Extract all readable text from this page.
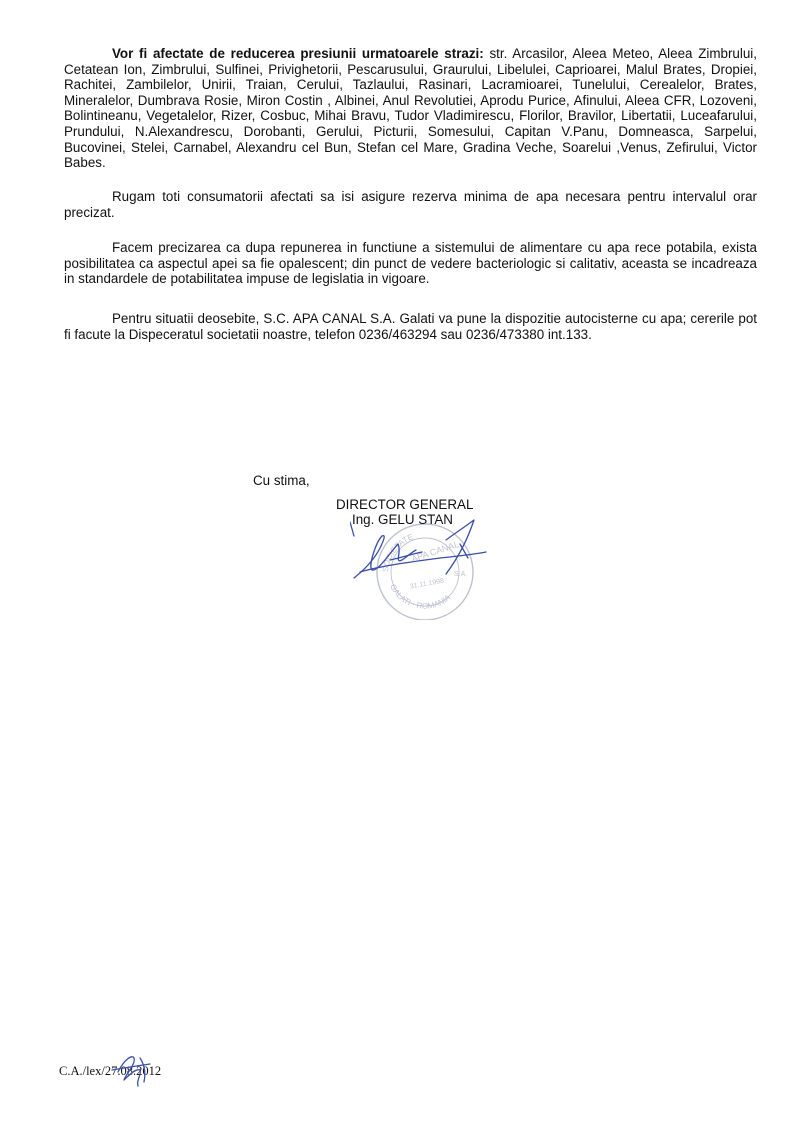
Vor fi afectate de reducerea presiunii urmatoarele strazi: str. Arcasilor, Aleea Meteo, Aleea Zimbrului, Cetatean Ion, Zimbrului, Sulfinei, Privighetorii, Pescarusului, Graurului, Libelulei, Caprioarei, Malul Brates, Dropiei, Rachitei, Zambilelor, Unirii, Traian, Cerului, Tazlaului, Rasinari, Lacramioarei, Tunelului, Cerealelor, Brates, Mineralelor, Dumbrava Rosie, Miron Costin , Albinei, Anul Revolutiei, Aprodu Purice, Afinului, Aleea CFR, Lozoveni, Bolintineanu, Vegetalelor, Rizer, Cosbuc, Mihai Bravu, Tudor Vladimirescu, Florilor, Bravilor, Libertatii, Luceafarului, Prundului, N.Alexandrescu, Dorobanti, Gerului, Picturii, Somesului, Capitan V.Panu, Domneasca, Sarpelui, Bucovinei, Stelei, Carnabel, Alexandru cel Bun, Stefan cel Mare, Gradina Veche, Soarelui ,Venus, Zefirului, Victor Babes.

Rugam toti consumatorii afectati sa isi asigure rezerva minima de apa necesara pentru intervalul orar precizat.

Facem precizarea ca dupa repunerea in functiune a sistemului de alimentare cu apa rece potabila, exista posibilitatea ca aspectul apei sa fie opalescent; din punct de vedere bacteriologic si calitativ, aceasta se incadreaza in standardele de potabilitatea impuse de legislatia in vigoare.

Pentru situatii deosebite, S.C. APA CANAL S.A. Galati va pune la dispozitie autocisterne cu apa; cererile pot fi facute la Dispeceratul societatii noastre, telefon 0236/463294 sau 0236/473380 int.133.

Cu stima,

SOCIETATE
GALATI · ROMANIA
APA CANAL
S.A.
31.11.1998

DIRECTOR GENERAL

Ing. GELU STAN

C.A./lex/27.08.2012
